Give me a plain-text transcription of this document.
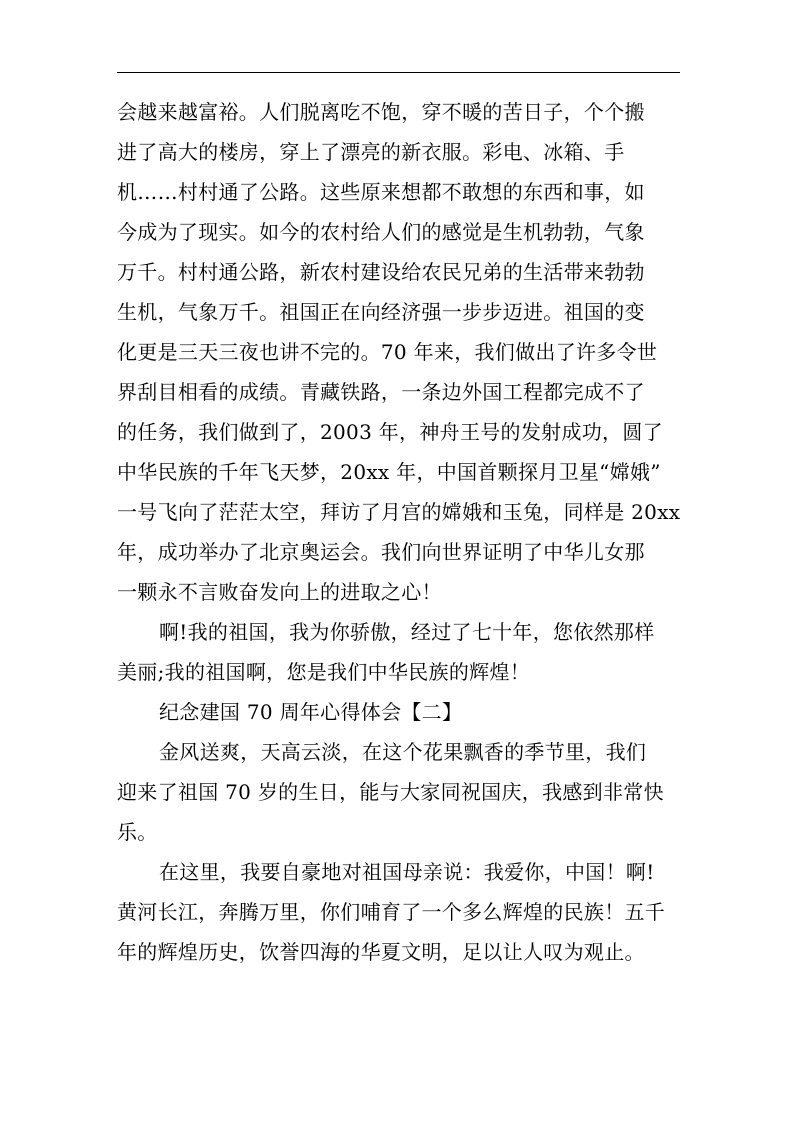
会越来越富裕。人们脱离吃不饱，穿不暖的苦日子，个个搬
进了高大的楼房，穿上了漂亮的新衣服。彩电、冰箱、手
机……村村通了公路。这些原来想都不敢想的东西和事，如
今成为了现实。如今的农村给人们的感觉是生机勃勃，气象
万千。村村通公路，新农村建设给农民兄弟的生活带来勃勃
生机，气象万千。祖国正在向经济强一步步迈进。祖国的变
化更是三天三夜也讲不完的。70 年来，我们做出了许多令世
界刮目相看的成绩。青藏铁路，一条边外国工程都完成不了
的任务，我们做到了，2003 年，神舟王号的发射成功，圆了
中华民族的千年飞天梦，20xx 年，中国首颗探月卫星“嫦娥”
一号飞向了茫茫太空，拜访了月宫的嫦娥和玉兔，同样是 20xx
年，成功举办了北京奥运会。我们向世界证明了中华儿女那
一颗永不言败奋发向上的进取之心！
啊!我的祖国，我为你骄傲，经过了七十年，您依然那样
美丽;我的祖国啊，您是我们中华民族的辉煌！
纪念建国 70 周年心得体会【二】
金风送爽，天高云淡，在这个花果飘香的季节里，我们
迎来了祖国 70 岁的生日，能与大家同祝国庆，我感到非常快
乐。
在这里，我要自豪地对祖国母亲说：我爱你，中国！啊!
黄河长江，奔腾万里，你们哺育了一个多么辉煌的民族！五千
年的辉煌历史，饮誉四海的华夏文明，足以让人叹为观止。
